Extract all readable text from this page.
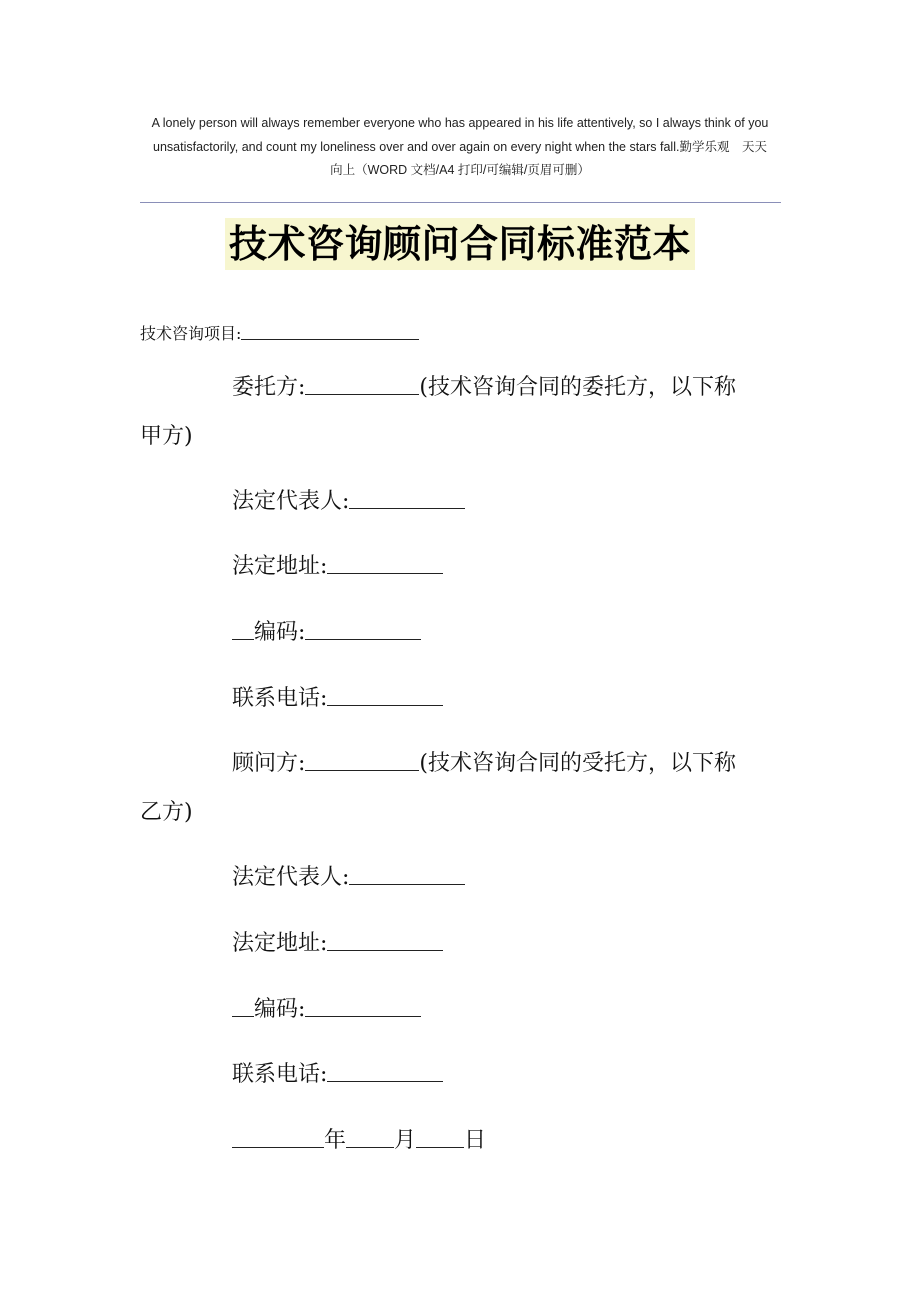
A lonely person will always remember everyone who has appeared in his life attentively, so I always think of you
unsatisfactorily, and count my loneliness over and over again on every night when the stars fall.勤学乐观　天天
向上（WORD 文档/A4 打印/可编辑/页眉可删）
技术咨询顾问合同标准范本
技术咨询项目:
委托方:	(技术咨询合同的委托方，以下称
甲方)
法定代表人:
法定地址:
编码:
联系电话:
顾问方:	(技术咨询合同的受托方，以下称
乙方)
法定代表人:
法定地址:
编码:
联系电话:
年 月 日
